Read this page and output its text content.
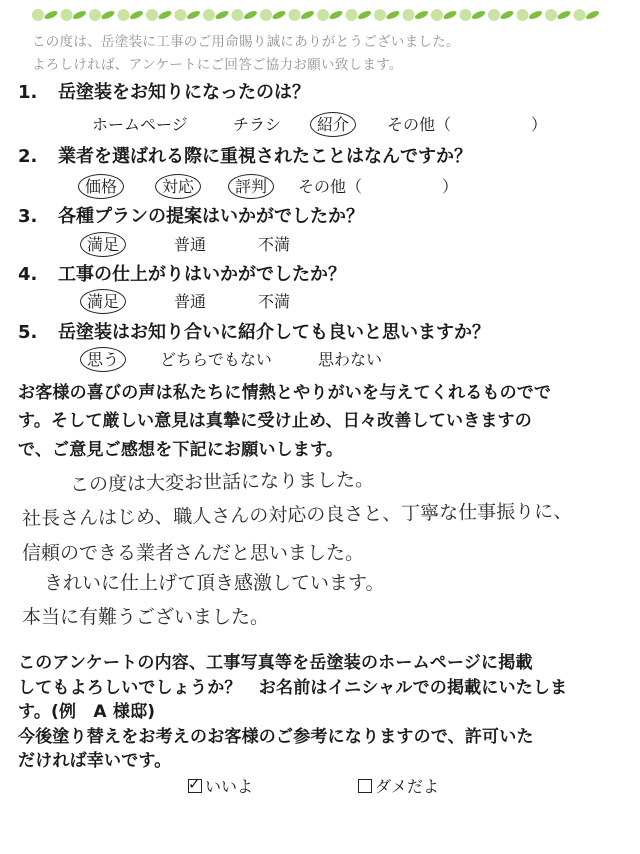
この度は、岳塗装に工事のご用命賜り誠にありがとうございました。
よろしければ、アンケートにご回答ご協力お願い致します。
1. 岳塗装をお知りになったのは？
ホームページ	チラシ 紹介	その他（　　　　　）
2. 業者を選ばれる際に重視されたことはなんですか？
価格	対応	評判	その他（　　　　　）
3. 各種プランの提案はいかがでしたか？
満足	普通	不満
4. 工事の仕上がりはいかがでしたか？
満足	普通	不満
5. 岳塗装はお知り合いに紹介しても良いと思いますか？
思う	どちらでもない	思わない
お客様の喜びの声は私たちに情熱とやりがいを与えてくれるものでで
す。そして厳しい意見は真摯に受け止め、日々改善していきますの
で、ご意見ご感想を下記にお願いします。
この度は大変お世話になりました。
社長さんはじめ、職人さんの対応の良さと、丁寧な仕事振りに、
信頼のできる業者さんだと思いました。
きれいに仕上げて頂き感激しています。
本当に有難うございました。
このアンケートの内容、工事写真等を岳塗装のホームページに掲載
してもよろしいでしょうか？　お名前はイニシャルでの掲載にいたしま
す。(例　A 様邸)
今後塗り替えをお考えのお客様のご参考になりますので、許可いた
だければ幸いです。
✓ いいよ	ダメだよ
